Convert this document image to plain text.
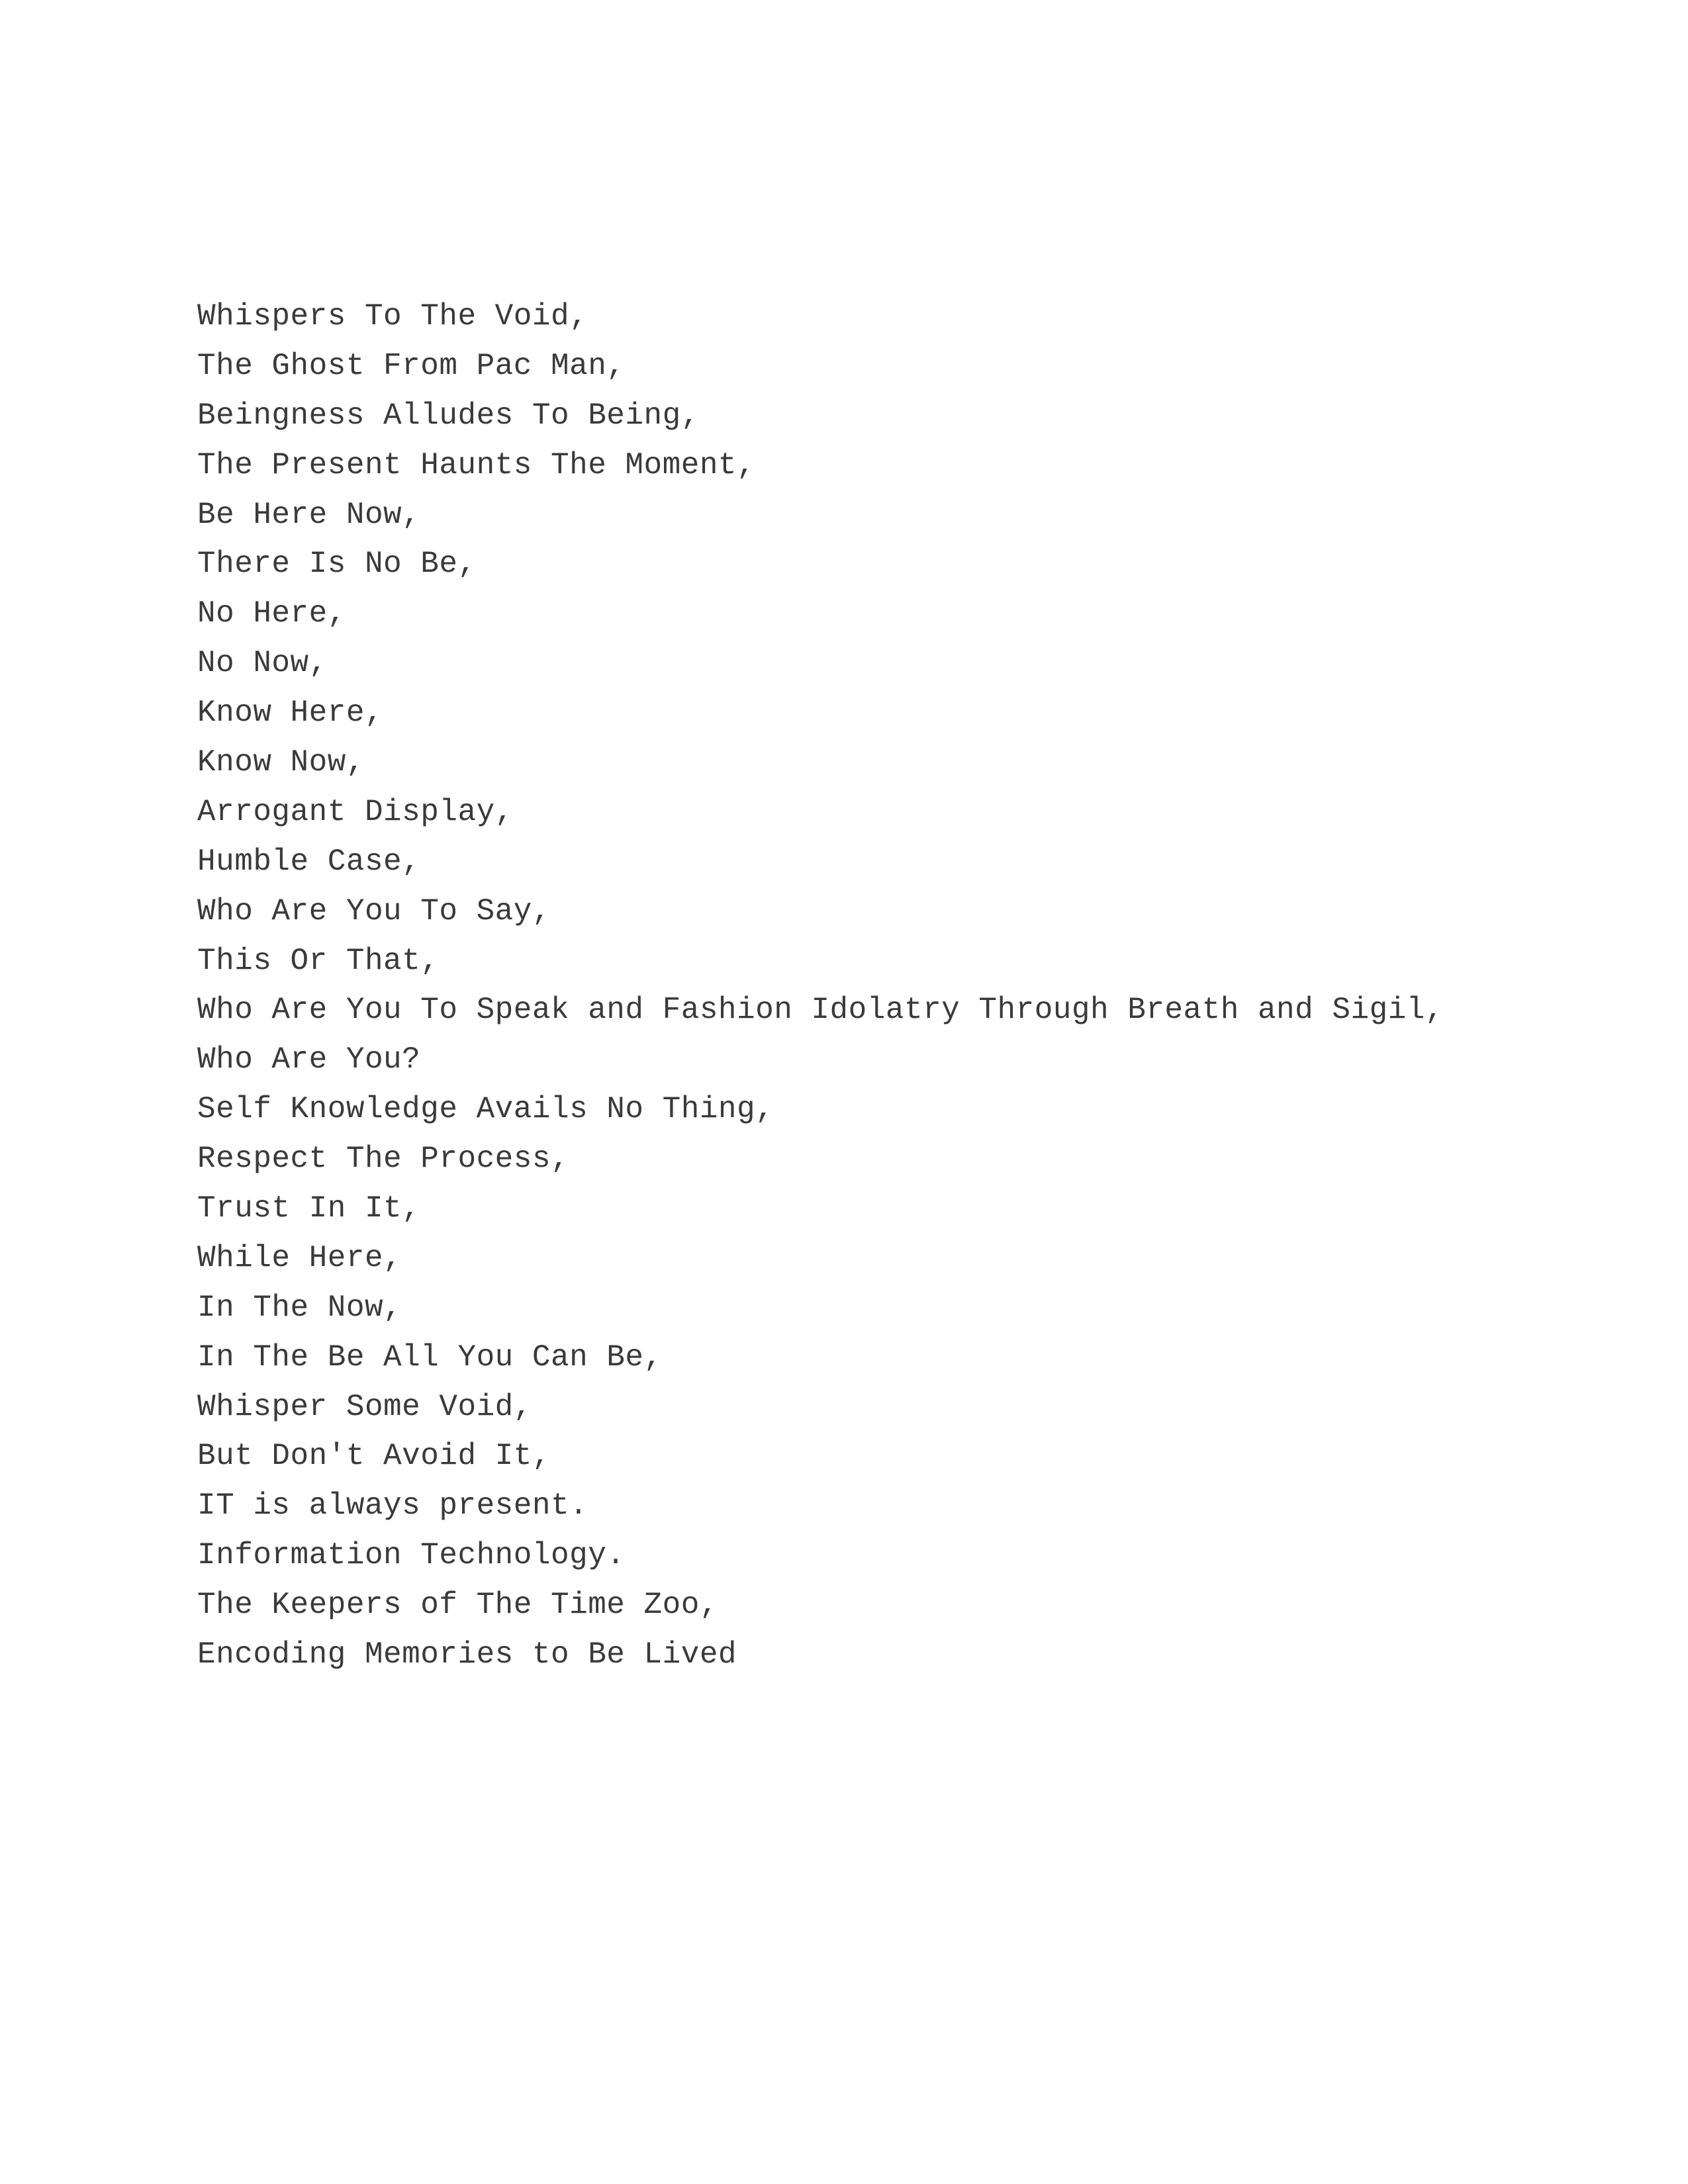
Whispers To The Void,
The Ghost From Pac Man,
Beingness Alludes To Being,
The Present Haunts The Moment,
Be Here Now,
There Is No Be,
No Here,
No Now,
Know Here,
Know Now,
Arrogant Display,
Humble Case,
Who Are You To Say,
This Or That,
Who Are You To Speak and Fashion Idolatry Through Breath and Sigil,
Who Are You?
Self Knowledge Avails No Thing,
Respect The Process,
Trust In It,
While Here,
In The Now,
In The Be All You Can Be,
Whisper Some Void,
But Don't Avoid It,
IT is always present.
Information Technology.
The Keepers of The Time Zoo,
Encoding Memories to Be Lived
